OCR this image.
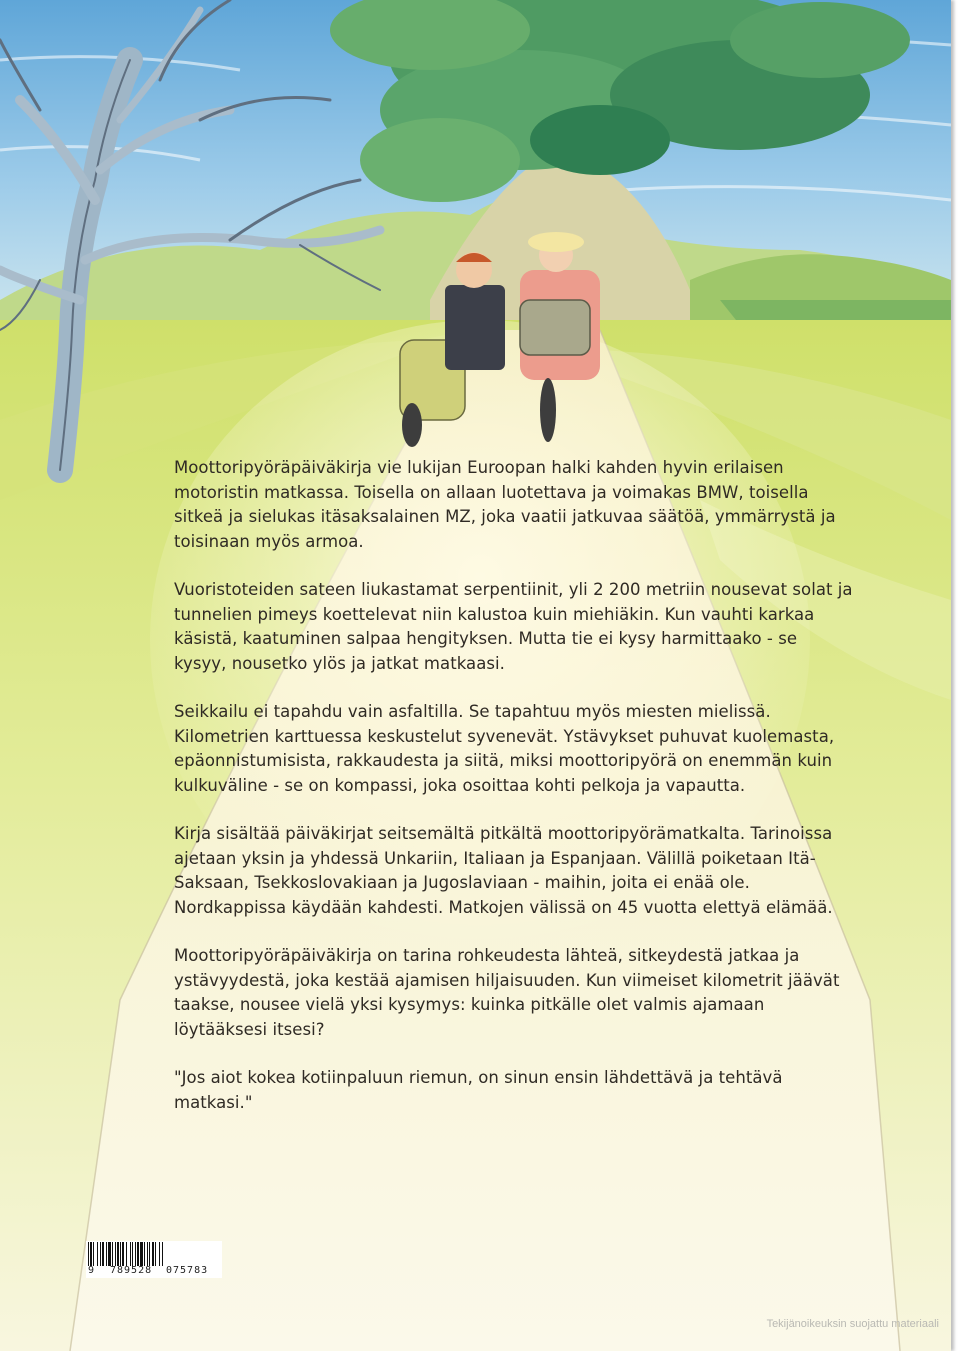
Moottoripyöräpäiväkirja vie lukijan Euroopan halki kahden hyvin erilaisen motoristin matkassa. Toisella on allaan luotettava ja voimakas BMW, toisella sitkeä ja sielukas itäsaksalainen MZ, joka vaatii jatkuvaa säätöä, ymmärrystä ja toisinaan myös armoa.

Vuoristoteiden sateen liukastamat serpentiinit, yli 2 200 metriin nousevat solat ja tunnelien pimeys koettelevat niin kalustoa kuin miehiäkin. Kun vauhti karkaa käsistä, kaatuminen salpaa hengityksen. Mutta tie ei kysy harmittaako - se kysyy, nousetko ylös ja jatkat matkaasi.

Seikkailu ei tapahdu vain asfaltilla. Se tapahtuu myös miesten mielissä. Kilometrien karttuessa keskustelut syvenevät. Ystävykset puhuvat kuolemasta, epäonnistumisista, rakkaudesta ja siitä, miksi moottoripyörä on enemmän kuin kulkuväline - se on kompassi, joka osoittaa kohti pelkoja ja vapautta.

Kirja sisältää päiväkirjat seitsemältä pitkältä moottoripyörämatkalta. Tarinoissa ajetaan yksin ja yhdessä Unkariin, Italiaan ja Espanjaan. Välillä poiketaan Itä-Saksaan, Tsekkoslovakiaan ja Jugoslaviaan - maihin, joita ei enää ole. Nordkappissa käydään kahdesti. Matkojen välissä on 45 vuotta elettyä elämää.

Moottoripyöräpäiväkirja on tarina rohkeudesta lähteä, sitkeydestä jatkaa ja ystävyydestä, joka kestää ajamisen hiljaisuuden. Kun viimeiset kilometrit jäävät taakse, nousee vielä yksi kysymys: kuinka pitkälle olet valmis ajamaan löytääksesi itsesi?

"Jos aiot kokea kotiinpaluun riemun, on sinun ensin lähdettävä ja tehtävä matkasi."

9 789528 075783
Tekijänoikeuksin suojattu materiaali
